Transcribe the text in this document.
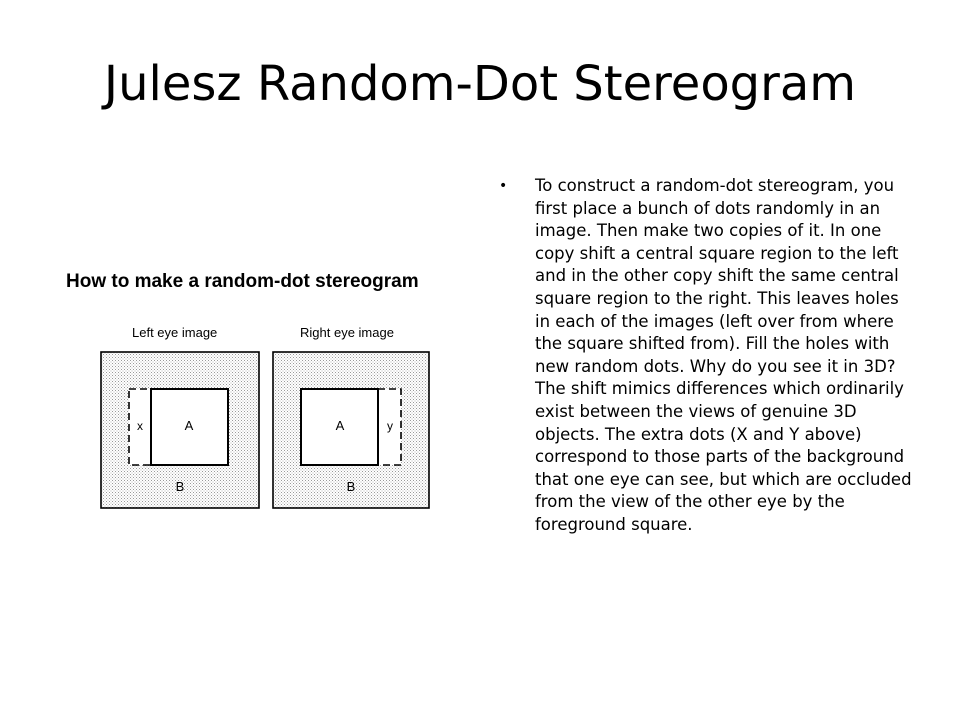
Julesz Random-Dot Stereogram
How to make a random-dot stereogram
Left eye image	Right eye image
x	A
B
A	y
B
• To construct a random-dot stereogram, you first place a bunch of dots randomly in an image. Then make two copies of it. In one copy shift a central square region to the left and in the other copy shift the same central square region to the right. This leaves holes in each of the images (left over from where the square shifted from). Fill the holes with new random dots. Why do you see it in 3D? The shift mimics differences which ordinarily exist between the views of genuine 3D objects. The extra dots (X and Y above) correspond to those parts of the background that one eye can see, but which are occluded from the view of the other eye by the foreground square.
